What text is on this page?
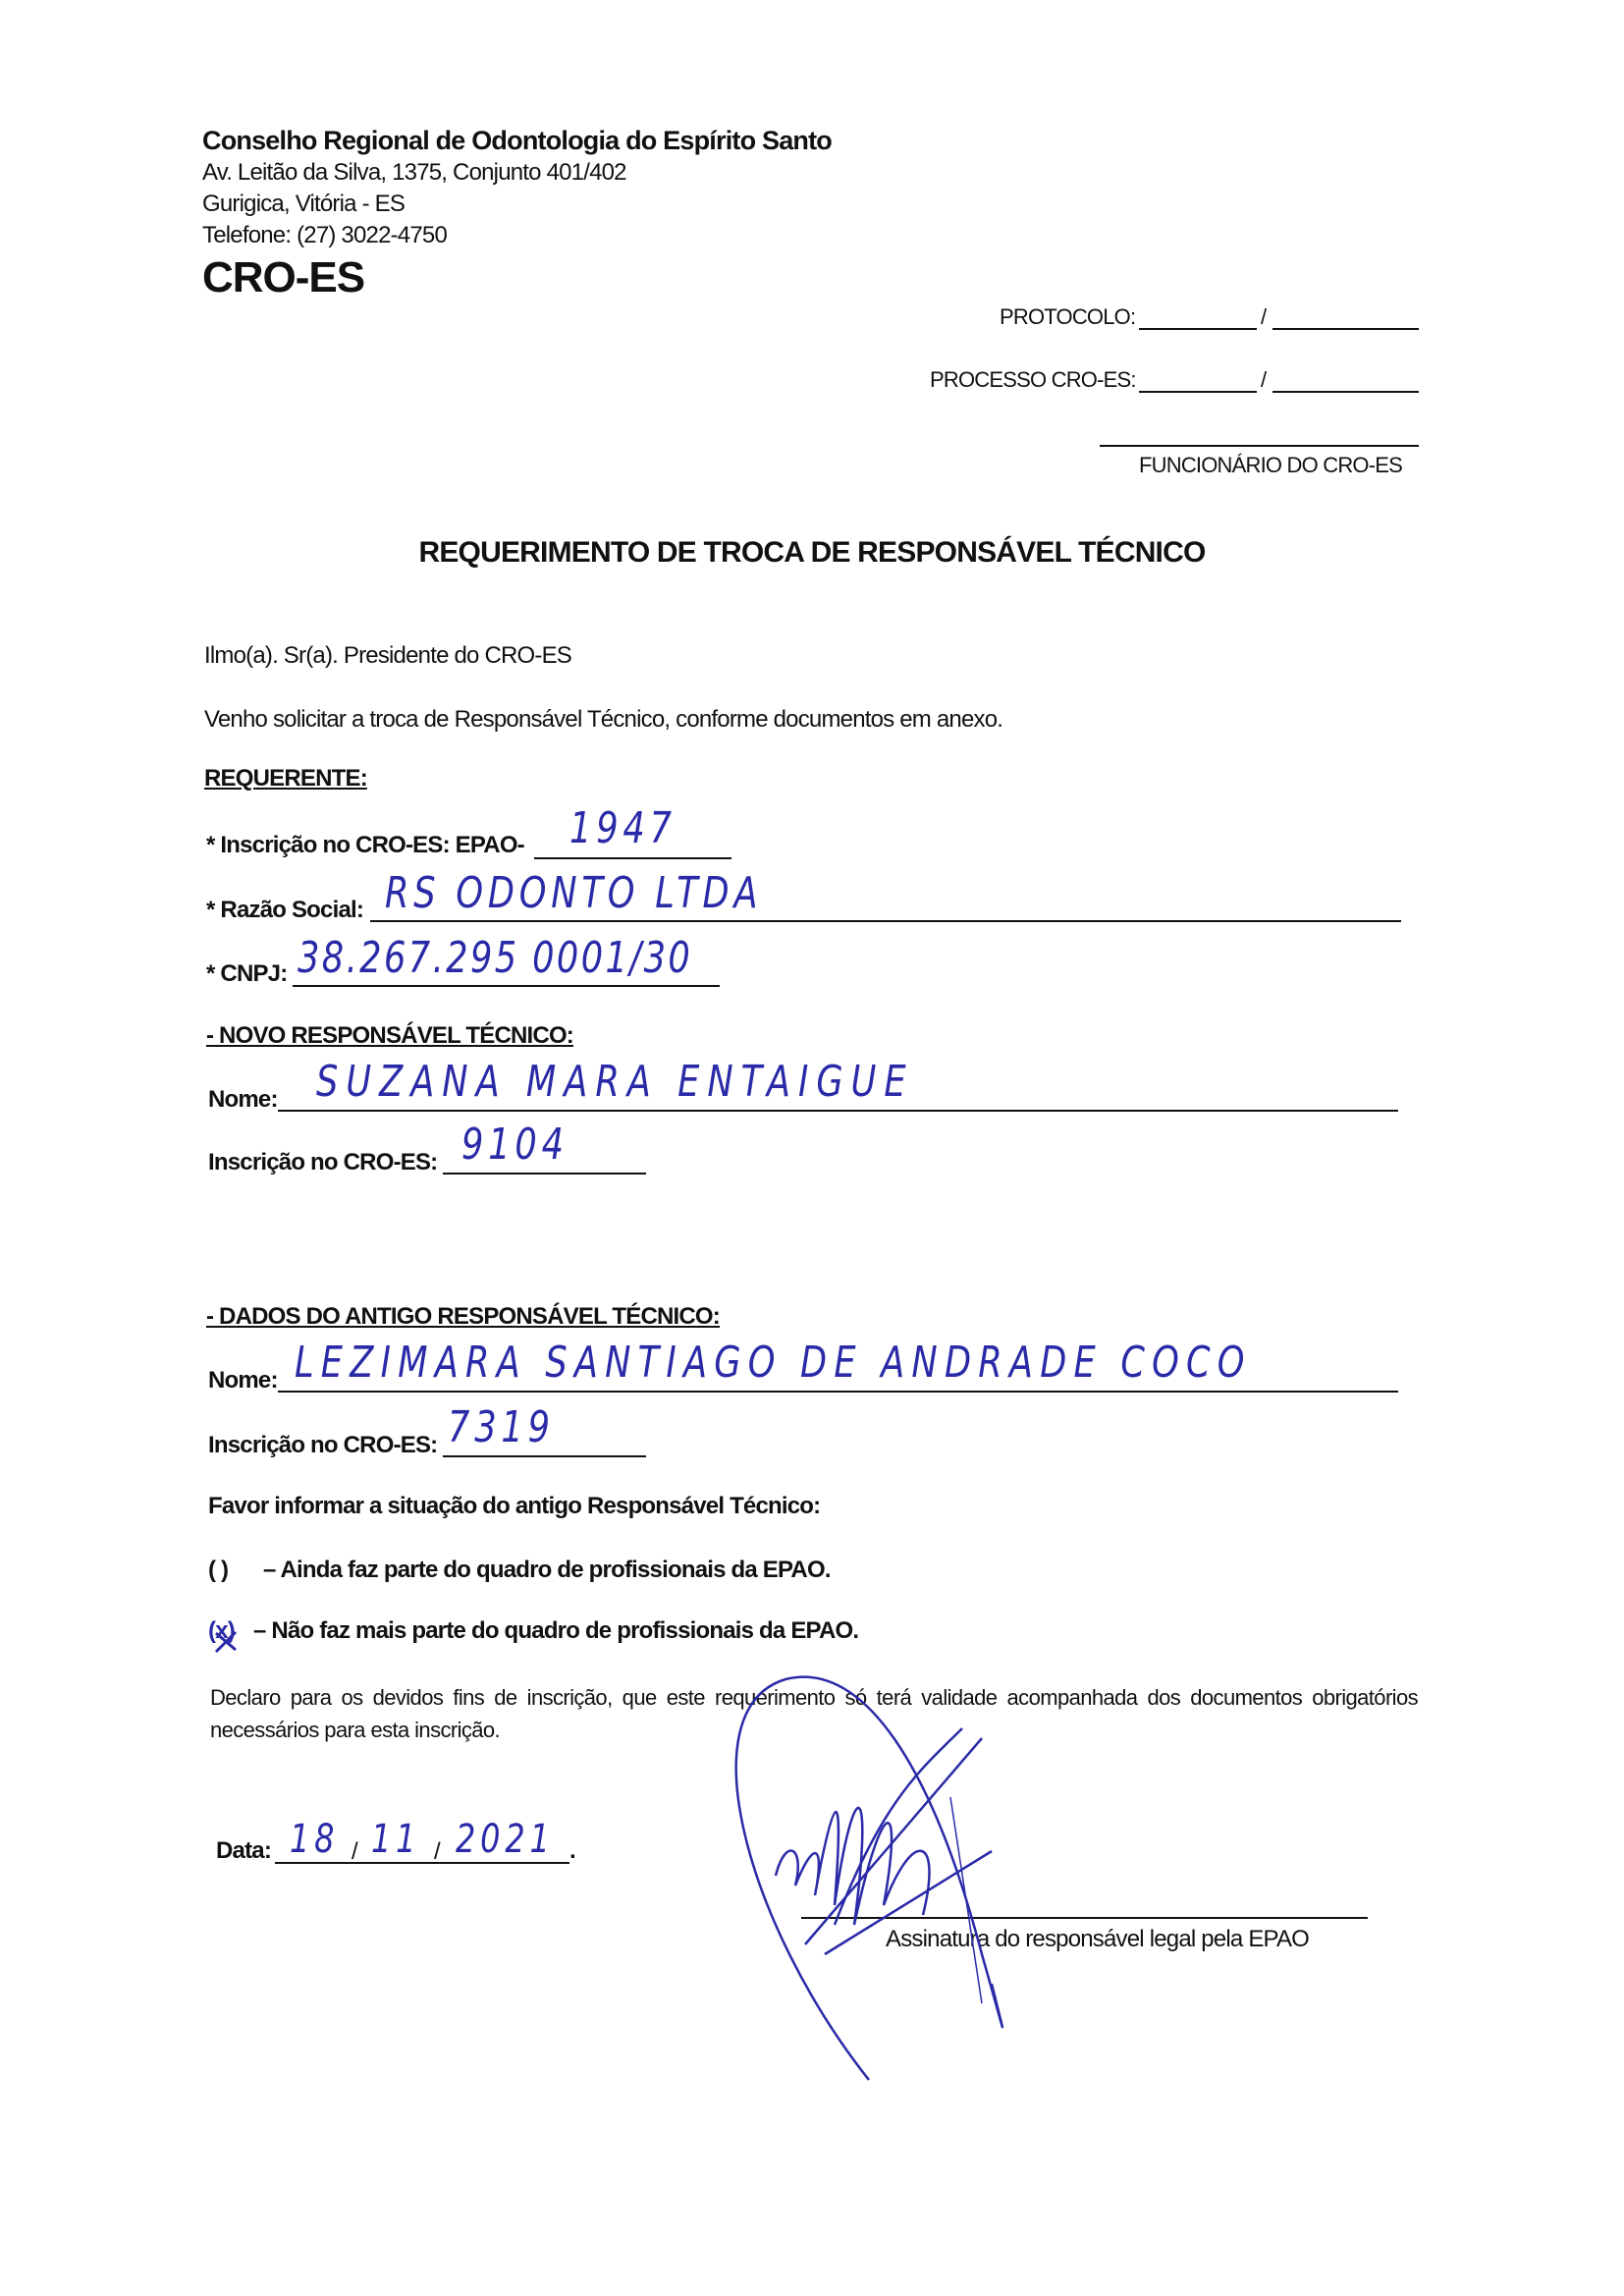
Conselho Regional de Odontologia do Espírito Santo
Av. Leitão da Silva, 1375, Conjunto 401/402
Gurigica, Vitória - ES
Telefone: (27) 3022-4750
CRO-ES
PROTOCOLO:	/
PROCESSO CRO-ES:	/
FUNCIONÁRIO DO CRO-ES
REQUERIMENTO DE TROCA DE RESPONSÁVEL TÉCNICO
Ilmo(a). Sr(a). Presidente do CRO-ES
Venho solicitar a troca de Responsável Técnico, conforme documentos em anexo.
REQUERENTE:
* Inscrição no CRO-ES: EPAO- 1947
* Razão Social: RS ODONTO LTDA
* CNPJ: 38.267.295 0001/30
- NOVO RESPONSÁVEL TÉCNICO:
Nome: SUZANA MARA ENTAIGUE
Inscrição no CRO-ES: 9104
- DADOS DO ANTIGO RESPONSÁVEL TÉCNICO:
Nome: LEZIMARA SANTIAGO DE ANDRADE COCO
Inscrição no CRO-ES: 7319
Favor informar a situação do antigo Responsável Técnico:
( ) – Ainda faz parte do quadro de profissionais da EPAO.
(x) – Não faz mais parte do quadro de profissionais da EPAO.
Declaro para os devidos fins de inscrição, que este requerimento só terá validade acompanhada dos documentos obrigatórios necessários para esta inscrição.
Data: 18 / 11 / 2021 .
Assinatura do responsável legal pela EPAO
